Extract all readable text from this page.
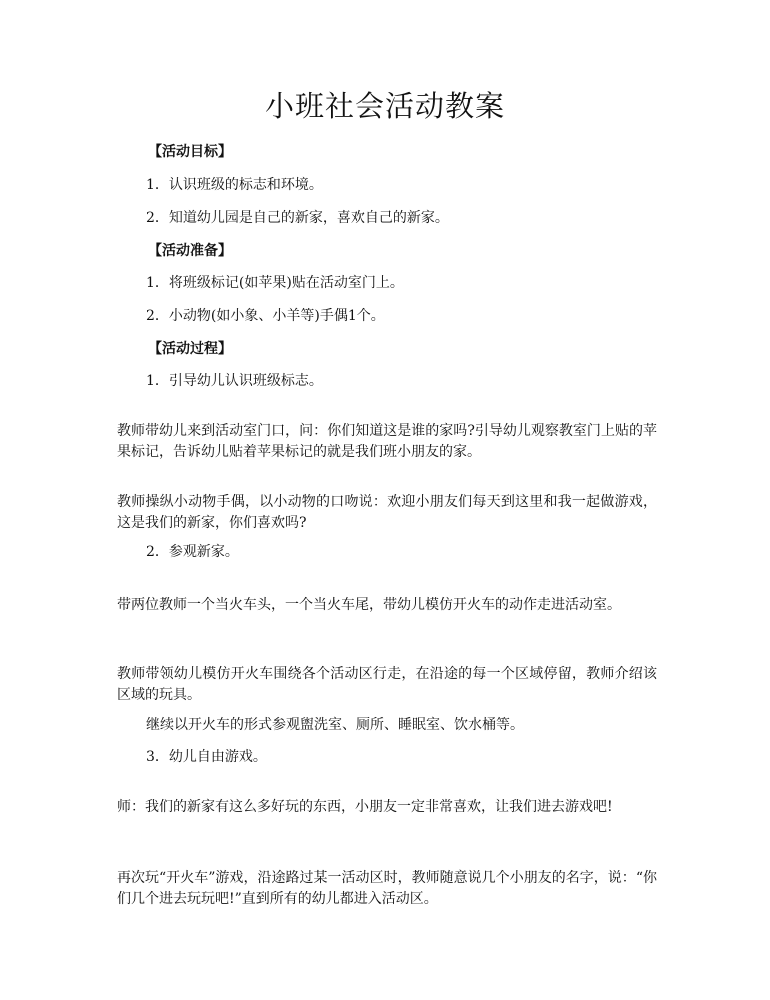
小班社会活动教案
【活动目标】
1．认识班级的标志和环境。
2．知道幼儿园是自己的新家，喜欢自己的新家。
【活动准备】
1．将班级标记(如苹果)贴在活动室门上。
2．小动物(如小象、小羊等)手偶1个。
【活动过程】
1．引导幼儿认识班级标志。
教师带幼儿来到活动室门口，问：你们知道这是谁的家吗?引导幼儿观察教室门上贴的苹果标记，告诉幼儿贴着苹果标记的就是我们班小朋友的家。
教师操纵小动物手偶，以小动物的口吻说：欢迎小朋友们每天到这里和我一起做游戏，这是我们的新家，你们喜欢吗?
2．参观新家。
带两位教师一个当火车头，一个当火车尾，带幼儿模仿开火车的动作走进活动室。
教师带领幼儿模仿开火车围绕各个活动区行走，在沿途的每一个区域停留，教师介绍该区域的玩具。
继续以开火车的形式参观盥洗室、厕所、睡眠室、饮水桶等。
3．幼儿自由游戏。
师：我们的新家有这么多好玩的东西，小朋友一定非常喜欢，让我们进去游戏吧!
再次玩“开火车”游戏，沿途路过某一活动区时，教师随意说几个小朋友的名字，说：“你们几个进去玩玩吧!”直到所有的幼儿都进入活动区。
